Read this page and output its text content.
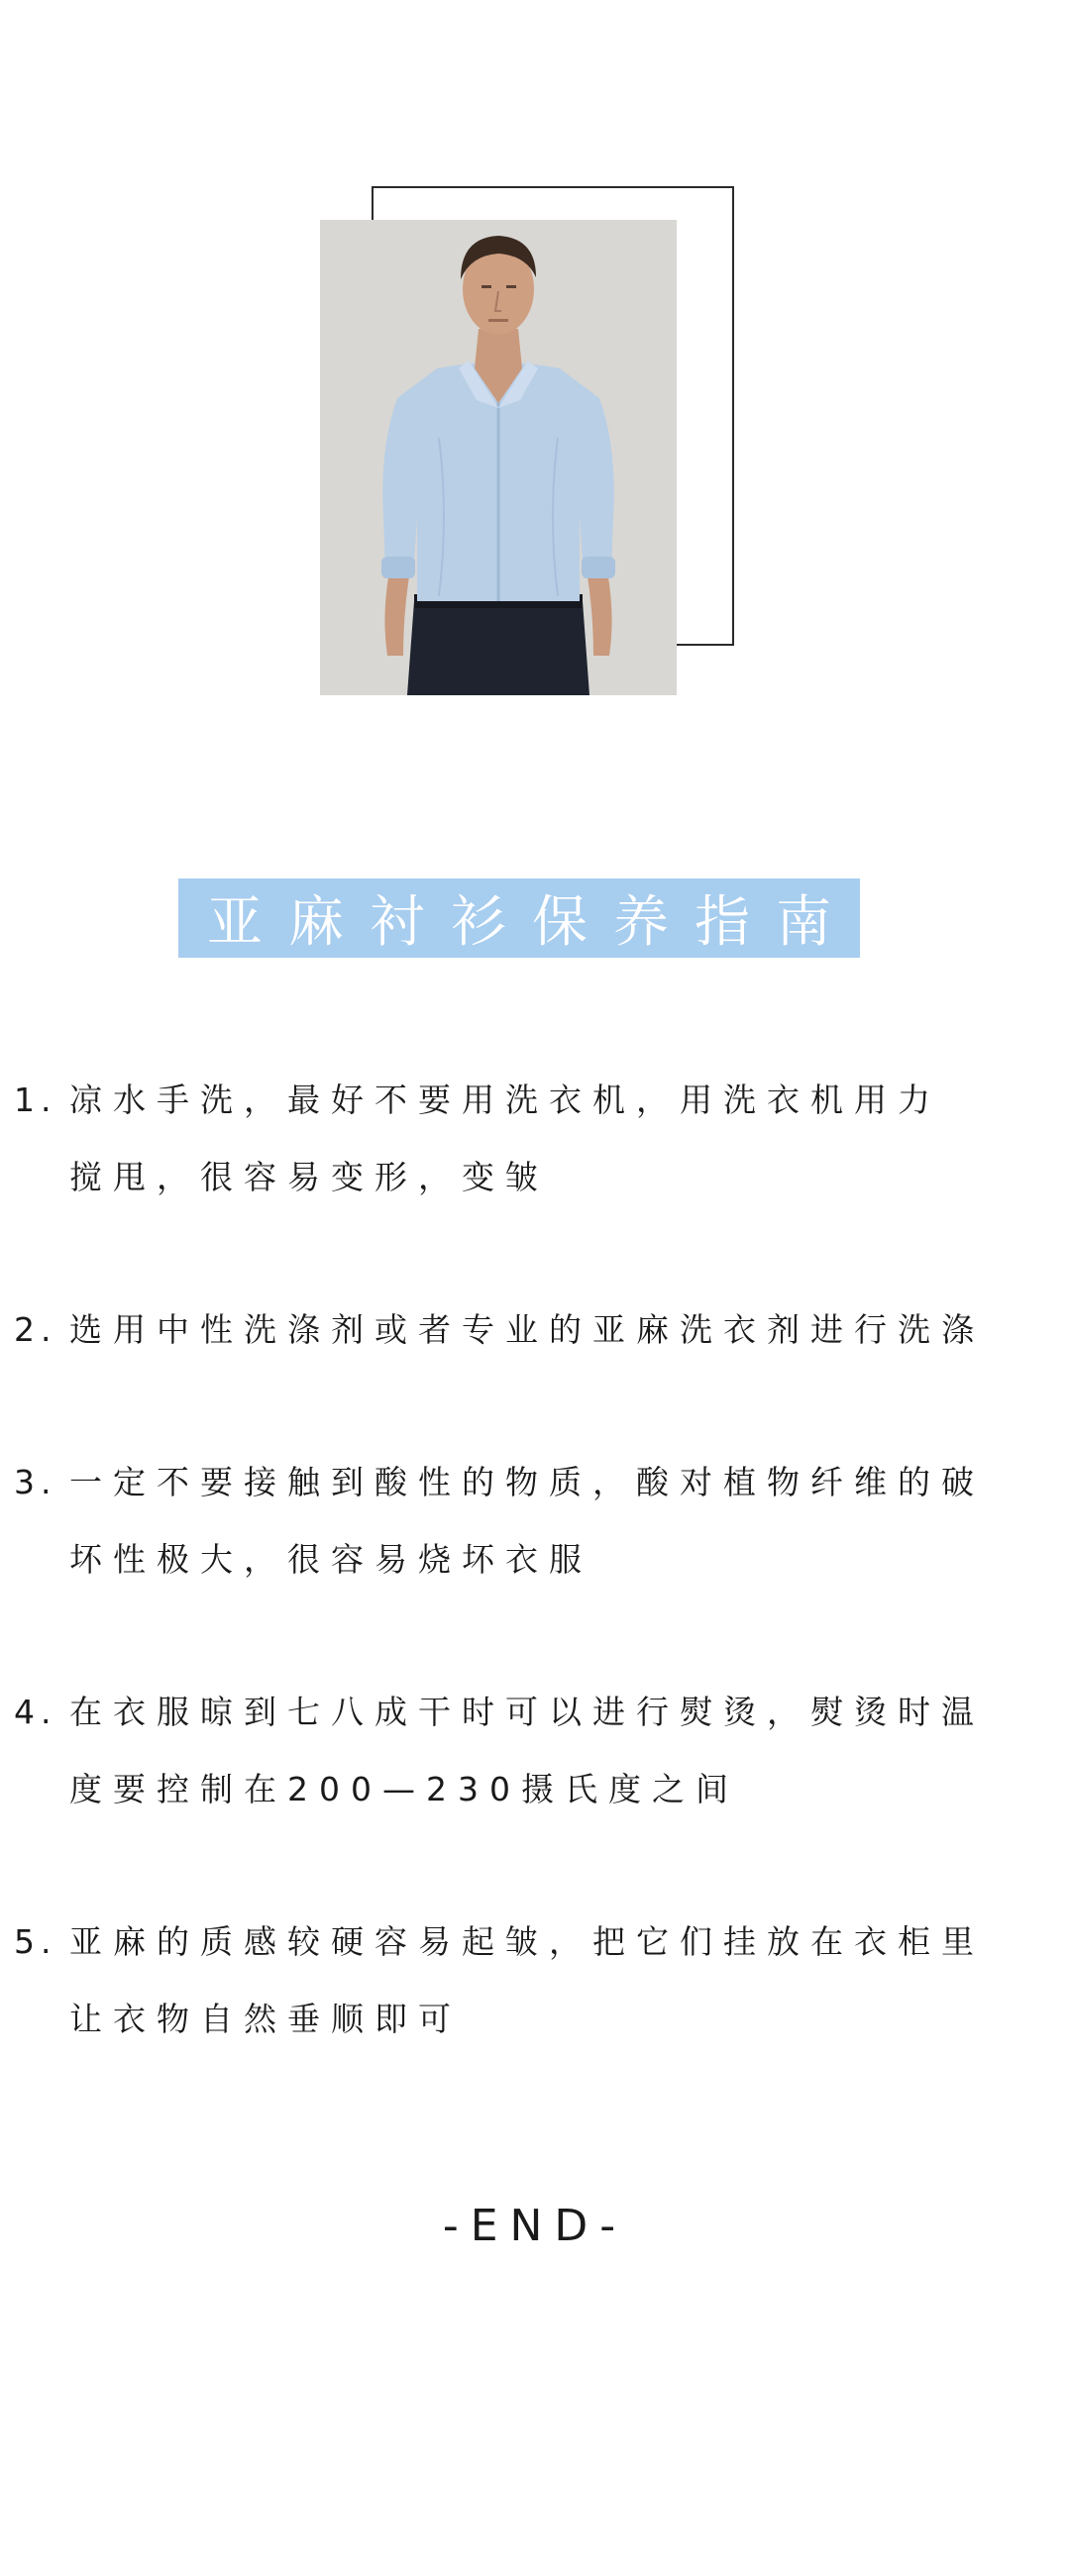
亚麻衬衫保养指南
1. 凉水手洗，最好不要用洗衣机，用洗衣机用力
搅甩，很容易变形，变皱
2. 选用中性洗涤剂或者专业的亚麻洗衣剂进行洗涤
3. 一定不要接触到酸性的物质，酸对植物纤维的破
坏性极大，很容易烧坏衣服
4. 在衣服晾到七八成干时可以进行熨烫，熨烫时温
度要控制在200—230摄氏度之间
5. 亚麻的质感较硬容易起皱，把它们挂放在衣柜里
让衣物自然垂顺即可
-END-
